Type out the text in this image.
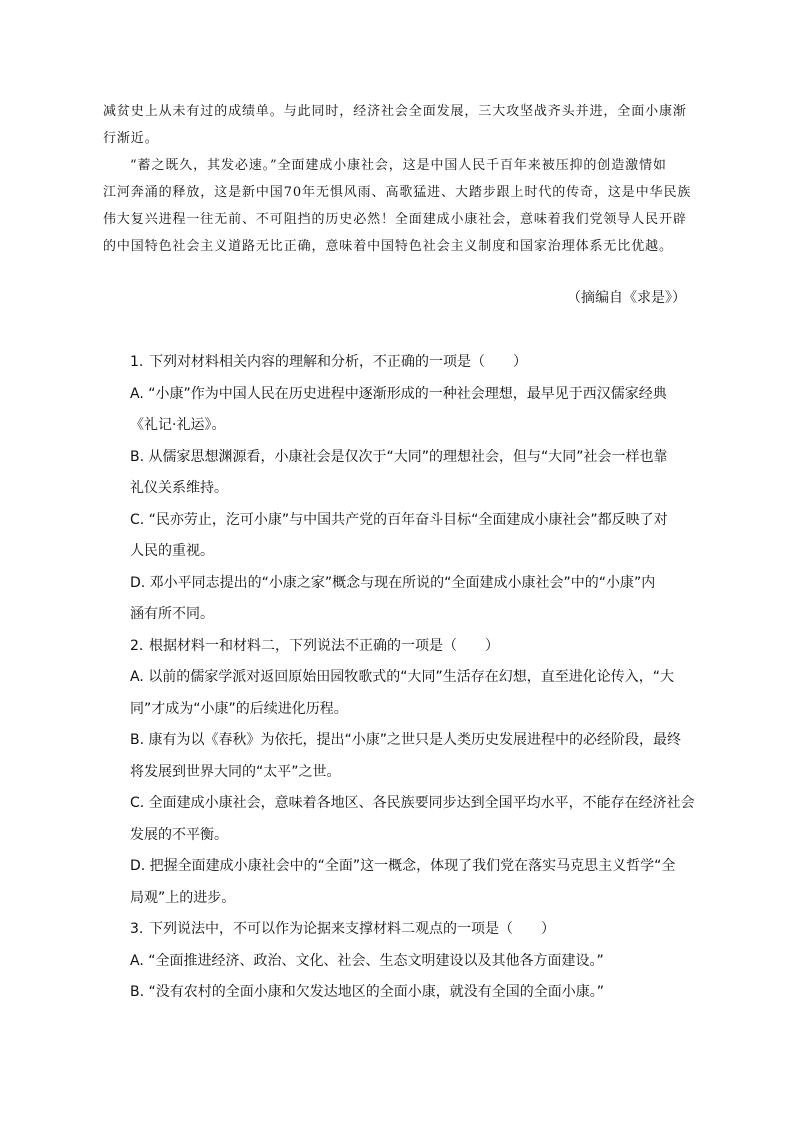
减贫史上从未有过的成绩单。与此同时，经济社会全面发展，三大攻坚战齐头并进，全面小康渐
行渐近。

“蓄之既久，其发必速。”全面建成小康社会，这是中国人民千百年来被压抑的创造激情如
江河奔涌的释放，这是新中国70年无惧风雨、高歌猛进、大踏步跟上时代的传奇，这是中华民族
伟大复兴进程一往无前、不可阻挡的历史必然！全面建成小康社会，意味着我们党领导人民开辟
的中国特色社会主义道路无比正确，意味着中国特色社会主义制度和国家治理体系无比优越。

（摘编自《求是》）
1. 下列对材料相关内容的理解和分析，不正确的一项是（　　）
A. “小康”作为中国人民在历史进程中逐渐形成的一种社会理想，最早见于西汉儒家经典
《礼记·礼运》。
B. 从儒家思想渊源看，小康社会是仅次于“大同”的理想社会，但与“大同”社会一样也靠
礼仪关系维持。
C. “民亦劳止，汔可小康”与中国共产党的百年奋斗目标“全面建成小康社会”都反映了对
人民的重视。
D. 邓小平同志提出的“小康之家”概念与现在所说的“全面建成小康社会”中的“小康”内
涵有所不同。
2. 根据材料一和材料二，下列说法不正确的一项是（　　）
A. 以前的儒家学派对返回原始田园牧歌式的“大同”生活存在幻想，直至进化论传入，“大
同”才成为“小康”的后续进化历程。
B. 康有为以《春秋》为依托，提出“小康”之世只是人类历史发展进程中的必经阶段，最终
将发展到世界大同的“太平”之世。
C. 全面建成小康社会，意味着各地区、各民族要同步达到全国平均水平，不能存在经济社会
发展的不平衡。
D. 把握全面建成小康社会中的“全面”这一概念，体现了我们党在落实马克思主义哲学“全
局观”上的进步。
3. 下列说法中，不可以作为论据来支撑材料二观点的一项是（　　）
A. “全面推进经济、政治、文化、社会、生态文明建设以及其他各方面建设。”
B. “没有农村的全面小康和欠发达地区的全面小康，就没有全国的全面小康。”
